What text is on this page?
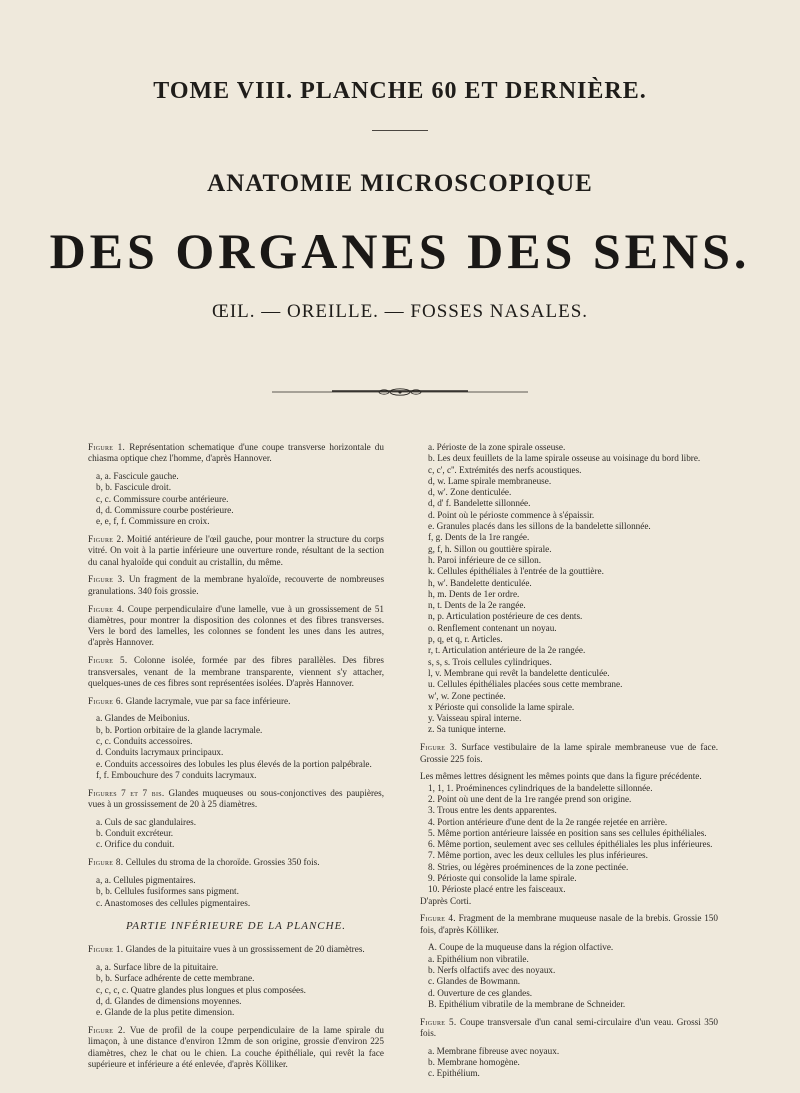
TOME VIII. PLANCHE 60 ET DERNIÈRE.
ANATOMIE MICROSCOPIQUE
DES ORGANES DES SENS.
ŒIL. — OREILLE. — FOSSES NASALES.

Figure 1. Représentation schematique d'une coupe transverse horizontale du chiasma optique chez l'homme, d'après Hannover.

a, a. Fascicule gauche.
b, b. Fascicule droit.
c, c. Commissure courbe antérieure.
d, d. Commissure courbe postérieure.
e, e, f, f. Commissure en croix.

Figure 2. Moitié antérieure de l'œil gauche, pour montrer la structure du corps vitré. On voit à la partie inférieure une ouverture ronde, résultant de la section du canal hyaloïde qui conduit au cristallin, du même.

Figure 3. Un fragment de la membrane hyaloïde, recouverte de nombreuses granulations. 340 fois grossie.

Figure 4. Coupe perpendiculaire d'une lamelle, vue à un grossissement de 51 diamètres, pour montrer la disposition des colonnes et des fibres transverses. Vers le bord des lamelles, les colonnes se fondent les unes dans les autres, d'après Hannover.

Figure 5. Colonne isolée, formée par des fibres parallèles. Des fibres transversales, venant de la membrane transparente, viennent s'y attacher, quelques-unes de ces fibres sont représentées isolées. D'après Hannover.

Figure 6. Glande lacrymale, vue par sa face inférieure.

a. Glandes de Meibonius.
b, b. Portion orbitaire de la glande lacrymale.
c, c. Conduits accessoires.
d. Conduits lacrymaux principaux.
e. Conduits accessoires des lobules les plus élevés de la portion palpébrale.
f, f. Embouchure des 7 conduits lacrymaux.

Figures 7 et 7 bis. Glandes muqueuses ou sous-conjonctives des paupières, vues à un grossissement de 20 à 25 diamètres.

a. Culs de sac glandulaires.
b. Conduit excréteur.
c. Orifice du conduit.

Figure 8. Cellules du stroma de la choroïde. Grossies 350 fois.

a, a. Cellules pigmentaires.
b, b. Cellules fusiformes sans pigment.
c. Anastomoses des cellules pigmentaires.
PARTIE INFÉRIEURE DE LA PLANCHE.

Figure 1. Glandes de la pituitaire vues à un grossissement de 20 diamètres.

a, a. Surface libre de la pituitaire.
b, b. Surface adhérente de cette membrane.
c, c, c, c. Quatre glandes plus longues et plus composées.
d, d. Glandes de dimensions moyennes.
e. Glande de la plus petite dimension.

Figure 2. Vue de profil de la coupe perpendiculaire de la lame spirale du limaçon, à une distance d'environ 12mm de son origine, grossie d'environ 225 diamètres, chez le chat ou le chien. La couche épithéliale, qui revêt la face supérieure et inférieure a été enlevée, d'après Kölliker.

a. Périoste de la zone spirale osseuse.
b. Les deux feuillets de la lame spirale osseuse au voisinage du bord libre.
c, c', c''. Extrémités des nerfs acoustiques.
d, w. Lame spirale membraneuse.
d, w'. Zone denticulée.
d, d' f. Bandelette sillonnée.
d. Point où le périoste commence à s'épaissir.
e. Granules placés dans les sillons de la bandelette sillonnée.
f, g. Dents de la 1re rangée.
g, f, h. Sillon ou gouttière spirale.
h. Paroi inférieure de ce sillon.
k. Cellules épithéliales à l'entrée de la gouttière.
h, w'. Bandelette denticulée.
h, m. Dents de 1er ordre.
n, t. Dents de la 2e rangée.
n, p. Articulation postérieure de ces dents.
o. Renflement contenant un noyau.
p, q, et q, r. Articles.
r, t. Articulation antérieure de la 2e rangée.
s, s, s. Trois cellules cylindriques.
l, v. Membrane qui revêt la bandelette denticulée.
u. Cellules épithéliales placées sous cette membrane.
w', w. Zone pectinée.
x Périoste qui consolide la lame spirale.
y. Vaisseau spiral interne.
z. Sa tunique interne.

Figure 3. Surface vestibulaire de la lame spirale membraneuse vue de face. Grossie 225 fois.

Les mêmes lettres désignent les mêmes points que dans la figure précédente.

1, 1, 1. Proéminences cylindriques de la bandelette sillonnée.
2. Point où une dent de la 1re rangée prend son origine.
3. Trous entre les dents apparentes.
4. Portion antérieure d'une dent de la 2e rangée rejetée en arrière.
5. Même portion antérieure laissée en position sans ses cellules épithéliales.
6. Même portion, seulement avec ses cellules épithéliales les plus inférieures.
7. Même portion, avec les deux cellules les plus inférieures.
8. Stries, ou légères proéminences de la zone pectinée.
9. Périoste qui consolide la lame spirale.
10. Périoste placé entre les faisceaux.

D'après Corti.

Figure 4. Fragment de la membrane muqueuse nasale de la brebis. Grossie 150 fois, d'après Kölliker.

A. Coupe de la muqueuse dans la région olfactive.
a. Epithélium non vibratile.
b. Nerfs olfactifs avec des noyaux.
c. Glandes de Bowmann.
d. Ouverture de ces glandes.
B. Epithélium vibratile de la membrane de Schneider.

Figure 5. Coupe transversale d'un canal semi-circulaire d'un veau. Grossi 350 fois.

a. Membrane fibreuse avec noyaux.
b. Membrane homogène.
c. Epithélium.
